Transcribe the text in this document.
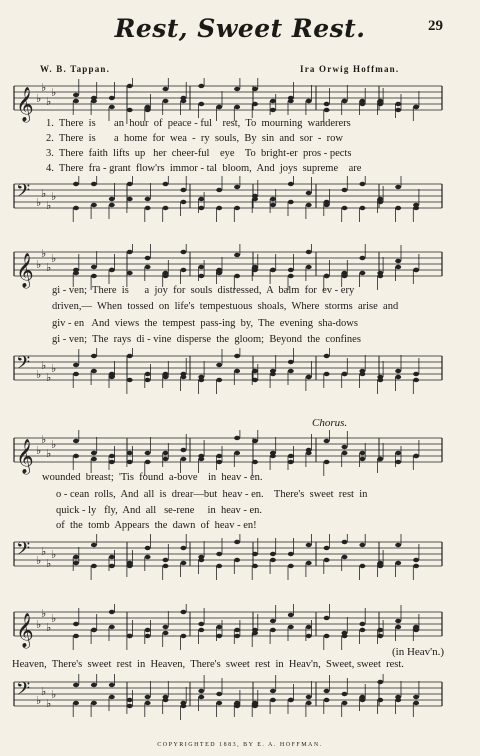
Rest, Sweet Rest.	29
W. B. Tappan.	Ira Orwig Hoffman.
𝄞 ♭
♭
♭
♭
1.  There  is       an  hour  of  peace - ful    rest,  To  mourning  wanderers
2.  There  is       a  home  for  wea  -  ry  souls,  By  sin  and  sor  -  row
3.  There  faith  lifts  up   her  cheer-ful    eye    To  bright-er  pros - pects
4.  There  fra - grant  flow'rs  immor - tal  bloom,  And  joys  supreme    are
𝄢 ♭
♭
♭
♭
𝄞 ♭
♭
♭
♭
gi - ven;  There  is      a  joy  for  souls  distressed,  A  balm  for  ev - ery
driven,—  When  tossed  on  life's  tempestuous  shoals,  Where  storms  arise  and
giv - en   And  views  the  tempest  pass-ing  by,  The  evening  sha-dows
gi - ven;  The  rays  di - vine  disperse  the  gloom;  Beyond  the  confines
𝄢 ♭
♭
♭
♭
Chorus.
𝄞 ♭
♭
♭
♭
wounded  breast;  'Tis  found  a-bove    in  heav - en.
o - cean  rolls,  And  all  is  drear—but  heav - en.    There's  sweet  rest  in
quick - ly   fly,  And  all   se-rene     in  heav - en.
of  the  tomb  Appears  the  dawn  of  heav - en!
𝄢 ♭
♭
♭
♭
𝄞 ♭
♭
♭
♭
(in Heav'n.)
Heaven,  There's  sweet  rest  in  Heaven,  There's  sweet  rest  in  Heav'n,  Sweet, sweet  rest.
𝄢 ♭
♭
♭
♭
COPYRIGHTED 1883, BY E. A. HOFFMAN.
